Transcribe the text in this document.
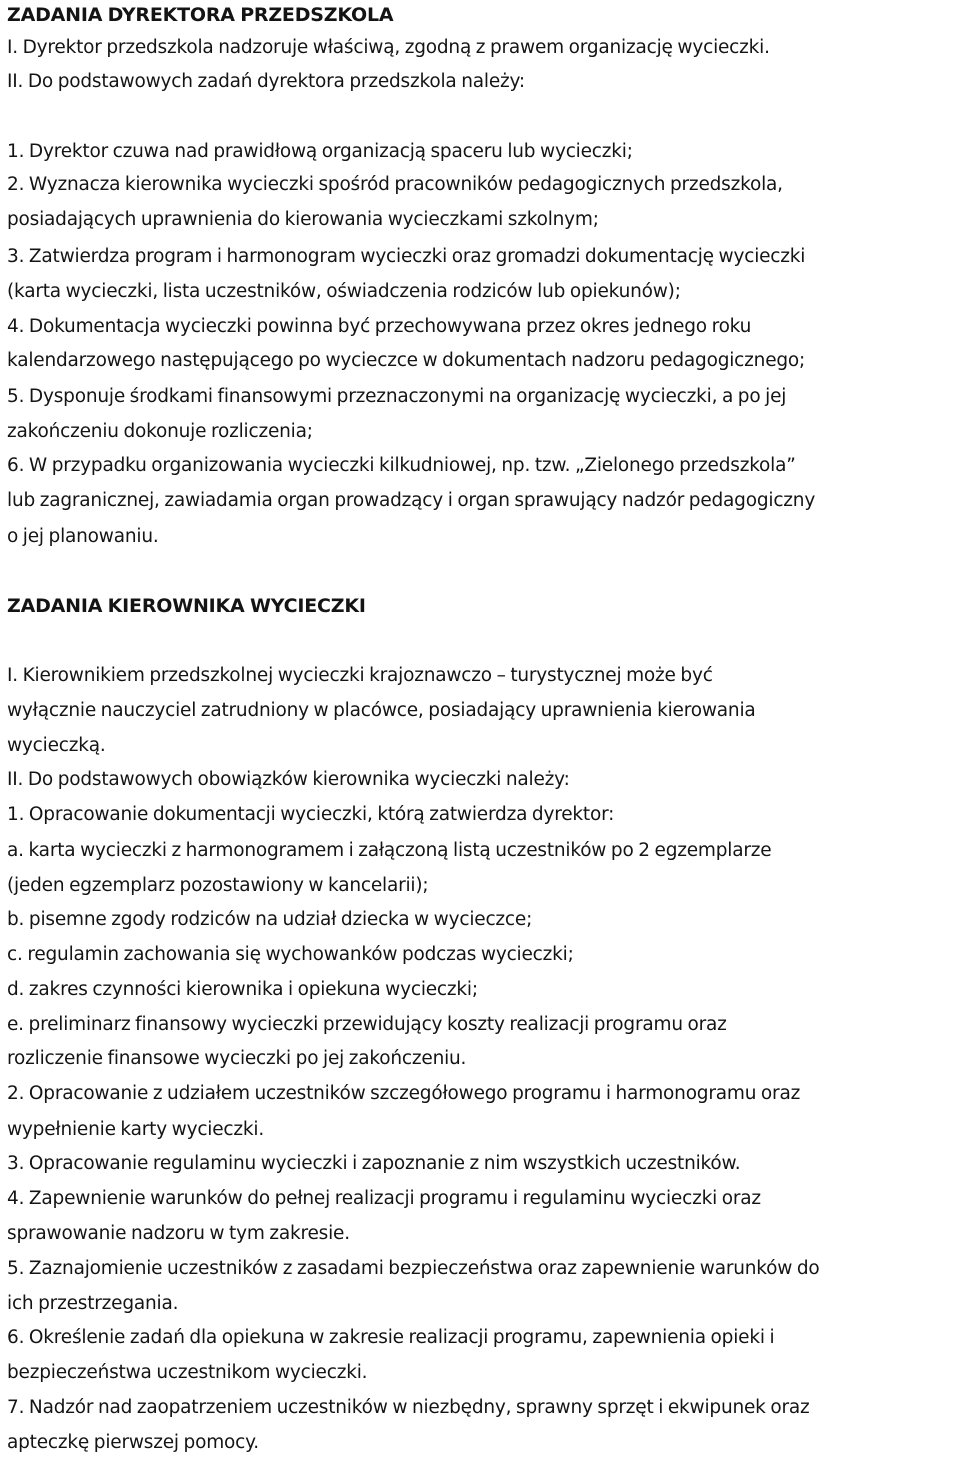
ZADANIA DYREKTORA PRZEDSZKOLA
I. Dyrektor przedszkola nadzoruje właściwą, zgodną z prawem organizację wycieczki.
II. Do podstawowych zadań dyrektora przedszkola należy:
1. Dyrektor czuwa nad prawidłową organizacją spaceru lub wycieczki;
2. Wyznacza kierownika wycieczki spośród pracowników pedagogicznych przedszkola,
posiadających uprawnienia do kierowania wycieczkami szkolnym;
3. Zatwierdza program i harmonogram wycieczki oraz gromadzi dokumentację wycieczki
(karta wycieczki, lista uczestników, oświadczenia rodziców lub opiekunów);
4. Dokumentacja wycieczki powinna być przechowywana przez okres jednego roku
kalendarzowego następującego po wycieczce w dokumentach nadzoru pedagogicznego;
5. Dysponuje środkami finansowymi przeznaczonymi na organizację wycieczki, a po jej
zakończeniu dokonuje rozliczenia;
6. W przypadku organizowania wycieczki kilkudniowej, np. tzw. „Zielonego przedszkola”
lub zagranicznej, zawiadamia organ prowadzący i organ sprawujący nadzór pedagogiczny
o jej planowaniu.
ZADANIA KIEROWNIKA WYCIECZKI
I. Kierownikiem przedszkolnej wycieczki krajoznawczo – turystycznej może być
wyłącznie nauczyciel zatrudniony w placówce, posiadający uprawnienia kierowania
wycieczką.
II. Do podstawowych obowiązków kierownika wycieczki należy:
1. Opracowanie dokumentacji wycieczki, którą zatwierdza dyrektor:
a. karta wycieczki z harmonogramem i załączoną listą uczestników po 2 egzemplarze
(jeden egzemplarz pozostawiony w kancelarii);
b. pisemne zgody rodziców na udział dziecka w wycieczce;
c. regulamin zachowania się wychowanków podczas wycieczki;
d. zakres czynności kierownika i opiekuna wycieczki;
e. preliminarz finansowy wycieczki przewidujący koszty realizacji programu oraz
rozliczenie finansowe wycieczki po jej zakończeniu.
2. Opracowanie z udziałem uczestników szczegółowego programu i harmonogramu oraz
wypełnienie karty wycieczki.
3. Opracowanie regulaminu wycieczki i zapoznanie z nim wszystkich uczestników.
4. Zapewnienie warunków do pełnej realizacji programu i regulaminu wycieczki oraz
sprawowanie nadzoru w tym zakresie.
5. Zaznajomienie uczestników z zasadami bezpieczeństwa oraz zapewnienie warunków do
ich przestrzegania.
6. Określenie zadań dla opiekuna w zakresie realizacji programu, zapewnienia opieki i
bezpieczeństwa uczestnikom wycieczki.
7. Nadzór nad zaopatrzeniem uczestników w niezbędny, sprawny sprzęt i ekwipunek oraz
apteczkę pierwszej pomocy.
